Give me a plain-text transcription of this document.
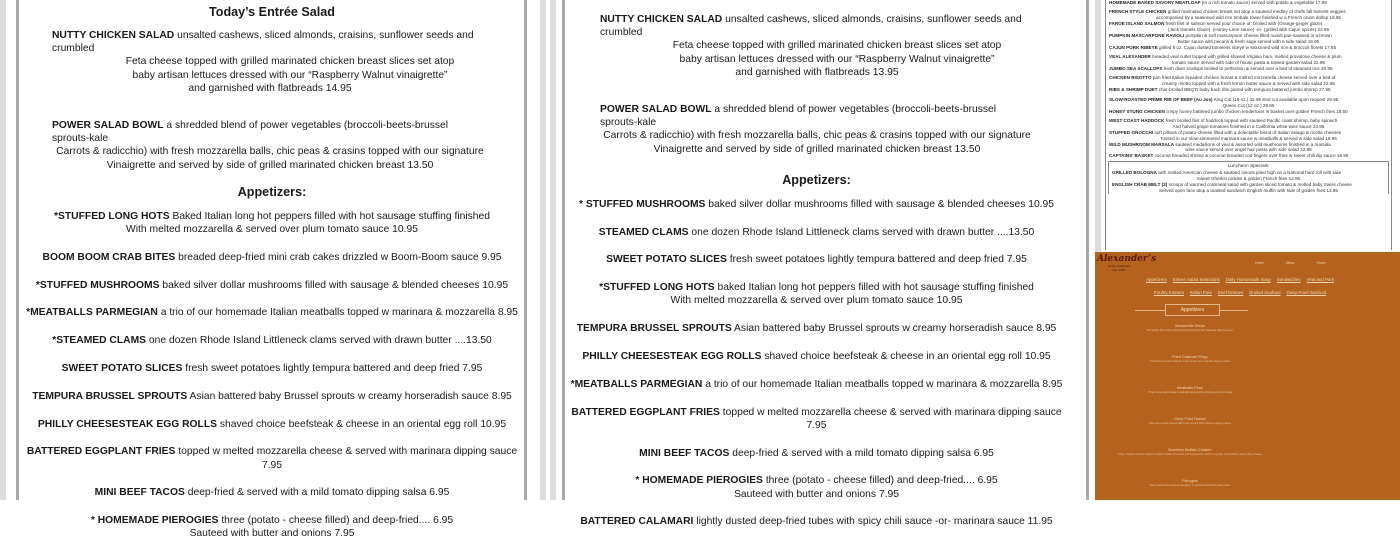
Today’s Entrée Salad
NUTTY CHICKEN SALAD unsalted cashews, sliced almonds, craisins, sunflower seeds and crumbled
Feta cheese topped with grilled marinated chicken breast slices set atop
baby artisan lettuces dressed with our “Raspberry Walnut vinaigrette”
and garnished with flatbreads 14.95
POWER SALAD BOWL a shredded blend of power vegetables (broccoli-beets-brussel sprouts-kale
Carrots & radicchio) with fresh mozzarella balls, chic peas & crasins topped with our signature
Vinaigrette and served by side of grilled marinated chicken breast 13.50
Appetizers:
*STUFFED LONG HOTS Baked Italian long hot peppers filled with hot sausage stuffing finished
With melted mozzarella & served over plum tomato sauce 10.95
BOOM BOOM CRAB BITES breaded deep-fried mini crab cakes drizzled w Boom-Boom sauce 9.95
*STUFFED MUSHROOMS baked silver dollar mushrooms filled with sausage & blended cheeses 10.95
*MEATBALLS PARMEGIAN a trio of our homemade Italian meatballs topped w marinara & mozzarella 8.95
*STEAMED CLAMS one dozen Rhode Island Littleneck clams served with drawn butter ....13.50
SWEET POTATO SLICES fresh sweet potatoes lightly tempura battered and deep fried 7.95
TEMPURA BRUSSEL SPROUTS Asian battered baby Brussel sprouts w creamy horseradish sauce 8.95
PHILLY CHEESESTEAK EGG ROLLS shaved choice beefsteak & cheese in an oriental egg roll 10.95
BATTERED EGGPLANT FRIES topped w melted mozzarella cheese & served with marinara dipping sauce 7.95
MINI BEEF TACOS deep-fried & served with a mild tomato dipping salsa 6.95
* HOMEMADE PIEROGIES three (potato - cheese filled) and deep-fried.... 6.95
Sauteed with butter and onions 7.95
NUTTY CHICKEN SALAD unsalted cashews, sliced almonds, craisins, sunflower seeds and crumbled
Feta cheese topped with grilled marinated chicken breast slices set atop
baby artisan lettuces dressed with our “Raspberry Walnut vinaigrette”
and garnished with flatbreads 13.95
POWER SALAD BOWL a shredded blend of power vegetables (broccoli-beets-brussel sprouts-kale
Carrots & radicchio) with fresh mozzarella balls, chic peas & crasins topped with our signature
Vinaigrette and served by side of grilled marinated chicken breast 13.50
Appetizers:
* STUFFED MUSHROOMS baked silver dollar mushrooms filled with sausage & blended cheeses 10.95
STEAMED CLAMS one dozen Rhode Island Littleneck clams served with drawn butter ....13.50
SWEET POTATO SLICES fresh sweet potatoes lightly tempura battered and deep fried 7.95
*STUFFED LONG HOTS baked Italian long hot peppers filled with hot sausage stuffing finished
With melted mozzarella & served over plum tomato sauce 10.95
TEMPURA BRUSSEL SPROUTS Asian battered baby Brussel sprouts w creamy horseradish sauce 8.95
PHILLY CHEESESTEAK EGG ROLLS shaved choice beefsteak & cheese in an oriental egg roll 10.95
*MEATBALLS PARMEGIAN a trio of our homemade Italian meatballs topped w marinara & mozzarella 8.95
BATTERED EGGPLANT FRIES topped w melted mozzarella cheese & served with marinara dipping sauce 7.95
MINI BEEF TACOS deep-fried & served with a mild tomato dipping salsa 6.95
* HOMEMADE PIEROGIES three (potato - cheese filled) and deep-fried.... 6.95
Sauteed with butter and onions 7.95
BATTERED CALAMARI lightly dusted deep-fried tubes with spicy chili sauce -or- marinara sauce 11.95
HOMEMADE BAKED SAVORY MEATLOAF (In a rich tomato sauce) served with potato & vegetable 17.95
FRENCH STYLE CHICKEN grilled marinated chicken breast set atop a sauteed medley of chefs fall harvest veggies
accompanied by a seasoned wild rice timbale tower finished w a French onion dollop 19.95
FAROE ISLAND SALMON fresh filet of salmon served your choice of: broiled with (Orange-ginger glaze)
(Jack Daniels Glaze), (Honey-Lime sauce) -or- (grilled with Cajun spices) 22.95
PUMPKIN MASCARPONE RAVIOLI pumpkin & soft mascarpone cheese filled ravioli pan-sauteed in a brown
Butter sauce with pecans & fresh sage served with a side salad 19.95
CAJUN PORK RIBEYE grilled 8 oz. Cajun dusted boneless ribeye w seasoned wild rice & broccoli florets 17.95
VEAL ALEXANDER breaded veal cutlet topped with grilled shaved Virginia ham, melted provolone cheese & plum
tomato sauce served with side of house pasta & tossed garden salad 22.95
JUMBO SEA SCALLOPS fresh diver scallops broiled to perfection & served over a bed of steamed rice 29.95
CHICKEN RISOTTO pan fried Italian breaded chicken breast & melted mozzarella cheese served over a bed of
creamy risotto topped with a fresh lemon butter sauce & served with side salad 22.95
RIBS & SHRIMP DUET char-broiled BBQ’D baby back ribs paired with tempura battered jumbo shrimp 27.95
SLOW-ROASTED PRIME RIB OF BEEF (Au Jus) King Cut (16 oz.) 32.95 End cut available upon request 29.95
Queen Cut (12 oz.) 29.95
HONEY STUNG CHICKEN crispy honey battered jumbo chicken tenderloins in basket over golden French fries 18.50
WEST COAST HADDOCK fresh broiled filet of haddock topped with sauteed Pacific coast shrimp, baby spinach
And halved grape tomatoes finished in a California white wine sauce 23.95
STUFFED GNOCCHI soft pillows of potato-cheese filled with a delectable blend of Italian asiago & ricotta cheeses
Tossed in our slow-simmered marinara sauce w meatballs & served w side salad 19.95
WILD MUSHROOM MARSALA sauteed medallions of veal & assorted wild mushrooms finished in a marsala
wine sauce served over angel hair pasta with side salad 22.95
CAPTAINS’ BASKET coconut breaded shrimp & coconut breaded cod fingers over fries w sweet chili dip sauce 18.95
Luncheon Specials:
GRILLED BOLOGNA with melted American cheese & sauteed onions piled high on a National hard roll with side
Sweet Gherkin pickles & golden French fries 12.95
ENGLISH CRAB MELT (2) scoops of warmed crabmeat salad with garden sliced tomato & melted baby Swiss cheese
Served open face atop a toasted sandwich English muffin with side of golden fries 13.95
Alexander’s
family restaurant
Est. 1981
Home	Menu	Hours
Appetizers Entree Salad Selections Daily Homemade Soup Sandwiches Veal and Pork
Poultry Entrees Italian Fare Beef Entrees Broiled Seafood Deep-Fried Seafood
Appetizers
Mozzarella Sticks
Six golden thin-crusty sticks deep-fried served with marinara dipping sauce
Fried Calamari Rings
Optional crisp-fried calamari rings served with marinara dipping sauce
Meatballs Parm
Three home-made Italian meatballs topped with marinara and mozzarella
Deep Fried Ravioli
Deep fried ravioli cheese filled crisp served with marinara dipping sauce
Boneless Buffalo Chicken
Crispy chicken tenders tossed in classic buffalo hot sauce and topped with medium crunchy served with a side of bleu cheese
Pierogies
Deep fried potato-cheese pierogies, or sauteed with butter and onions
